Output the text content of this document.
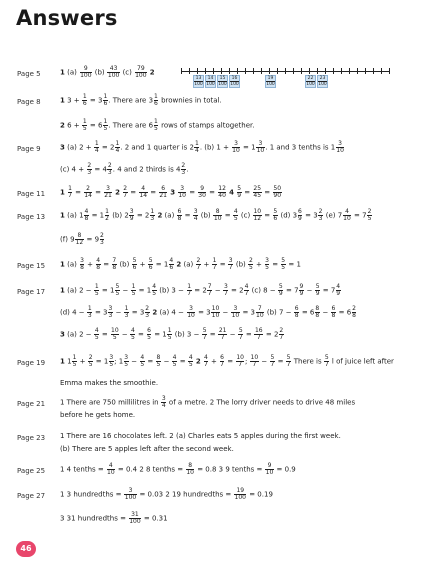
Answers
Page 5	1 $(a) \frac{9}{100} (b) \frac{43}{100} (c) \frac{79}{100} 2$
13
100
14
100
15
100
16
100
19
100
22
100
23
100
Page 8	1 $3 + \frac{1}{6} = 3 \frac{1}{6}$ . There are $3 \frac{1}{6}$ brownies in total.
2 $6 + \frac{1}{5} = 6 \frac{1}{5}$ . There are $6 \frac{1}{5}$ rows of stamps altogether.
Page 9	3 (a) $2 + \frac{1}{4} = 2 \frac{1}{4}$ . 2 and 1 quarter is $2 \frac{1}{4}$ . (b) $1 + \frac{3}{10} = 1 \frac{3}{10}$ . 1 and 3 tenths is $1 \frac{3}{10}$
(c) $4 + \frac{2}{3} = 4 \frac{2}{3}$ . 4 and 2 thirds is $4 \frac{2}{3}$ .
Page 11 $1 \frac{1}{7} = \frac{2}{14} = \frac{3}{21} 2 \frac{2}{7} = \frac{4}{14} = \frac{6}{21} 3 \frac{3}{10} = \frac{9}{30} = \frac{12}{40} 4 \frac{5}{9} = \frac{25}{45} = \frac{50}{90}$
Page 13 1 (a) $1 \frac{4}{8} = 1 \frac{1}{2} (b)$ $2 \frac{3}{9} = 2 \frac{1}{3} 2$ $(a) \frac{6}{8} = \frac{3}{4} (b) \frac{8}{10} = \frac{4}{5} (c) \frac{10}{12} = \frac{5}{6} (d)$ $3 \frac{6}{9} = 3 \frac{2}{3} (e)$ $7 \frac{4}{10} = 7 \frac{2}{5}$
(f) $9 \frac{8}{12} = 9 \frac{2}{3}$
Page 15 1 $(a) \frac{3}{8} + \frac{4}{8} = \frac{7}{8} (b) \frac{5}{6} + \frac{5}{6} = 1 \frac{4}{6} 2$ $(a) \frac{2}{7} + \frac{1}{7} = \frac{3}{7} (b) \frac{2}{5} + \frac{3}{5} = \frac{5}{5} = 1$
Page 17 1 (a) $2 - \frac{1}{5} = 1 \frac{5}{5} - \frac{1}{5} = 1 \frac{4}{5} (b) 3 - \frac{1}{7} = 2 \frac{7}{7} - \frac{3}{7} = 2 \frac{4}{7} (c) 8 - \frac{5}{9} = 7 \frac{9}{9} - \frac{5}{9} = 7 \frac{4}{9}$
(d) $4 - \frac{1}{3} = 3 \frac{3}{3} - \frac{1}{3} = 3 \frac{2}{3} 2$ (a) $4 - \frac{3}{10} = 3 \frac{10}{10} - \frac{3}{10} = 3 \frac{7}{10} (b) 7 - \frac{6}{8} = 6 \frac{8}{8} - \frac{6}{8} = 6 \frac{2}{8}$
3 (a) $2 - \frac{4}{5} = \frac{10}{5} - \frac{4}{5} = \frac{6}{5} = 1 \frac{1}{5} (b) 3 - \frac{5}{7} = \frac{21}{7} - \frac{5}{7} = \frac{16}{7} = 2 \frac{2}{7}$
Page 19 1 $1 \frac{1}{5} + \frac{2}{5} = 1 \frac{3}{5}$ ; $1 \frac{3}{5} - \frac{4}{5} = \frac{8}{5} - \frac{4}{5} = \frac{4}{5} 2 \frac{4}{7} + \frac{6}{7} = \frac{10}{7}$ ; $\frac{10}{7} - \frac{5}{7} = \frac{5}{7}$ There is $\frac{5}{7}$ l of juice left after
Emma makes the smoothie.
Page 21 1 There are 750 millilitres in $\frac{3}{4}$ of a metre. 2 The lorry driver needs to drive 48 miles
before he gets home.
Page 23 1 There are 16 chocolates left. 2 (a) Charles eats 5 apples during the first week.
(b) There are 5 apples left after the second week.
Page 25 1 4 tenths = $\frac{4}{10} = 0.4$ 2 8 tenths = $\frac{8}{10} = 0.8$ 3 9 tenths = $\frac{9}{10} = 0.9$
Page 27 1 3 hundredths = $\frac{3}{100} = 0.03$ 2 19 hundredths = $\frac{19}{100} = 0.19$
3 31 hundredths = $\frac{31}{100} = 0.31$
46
